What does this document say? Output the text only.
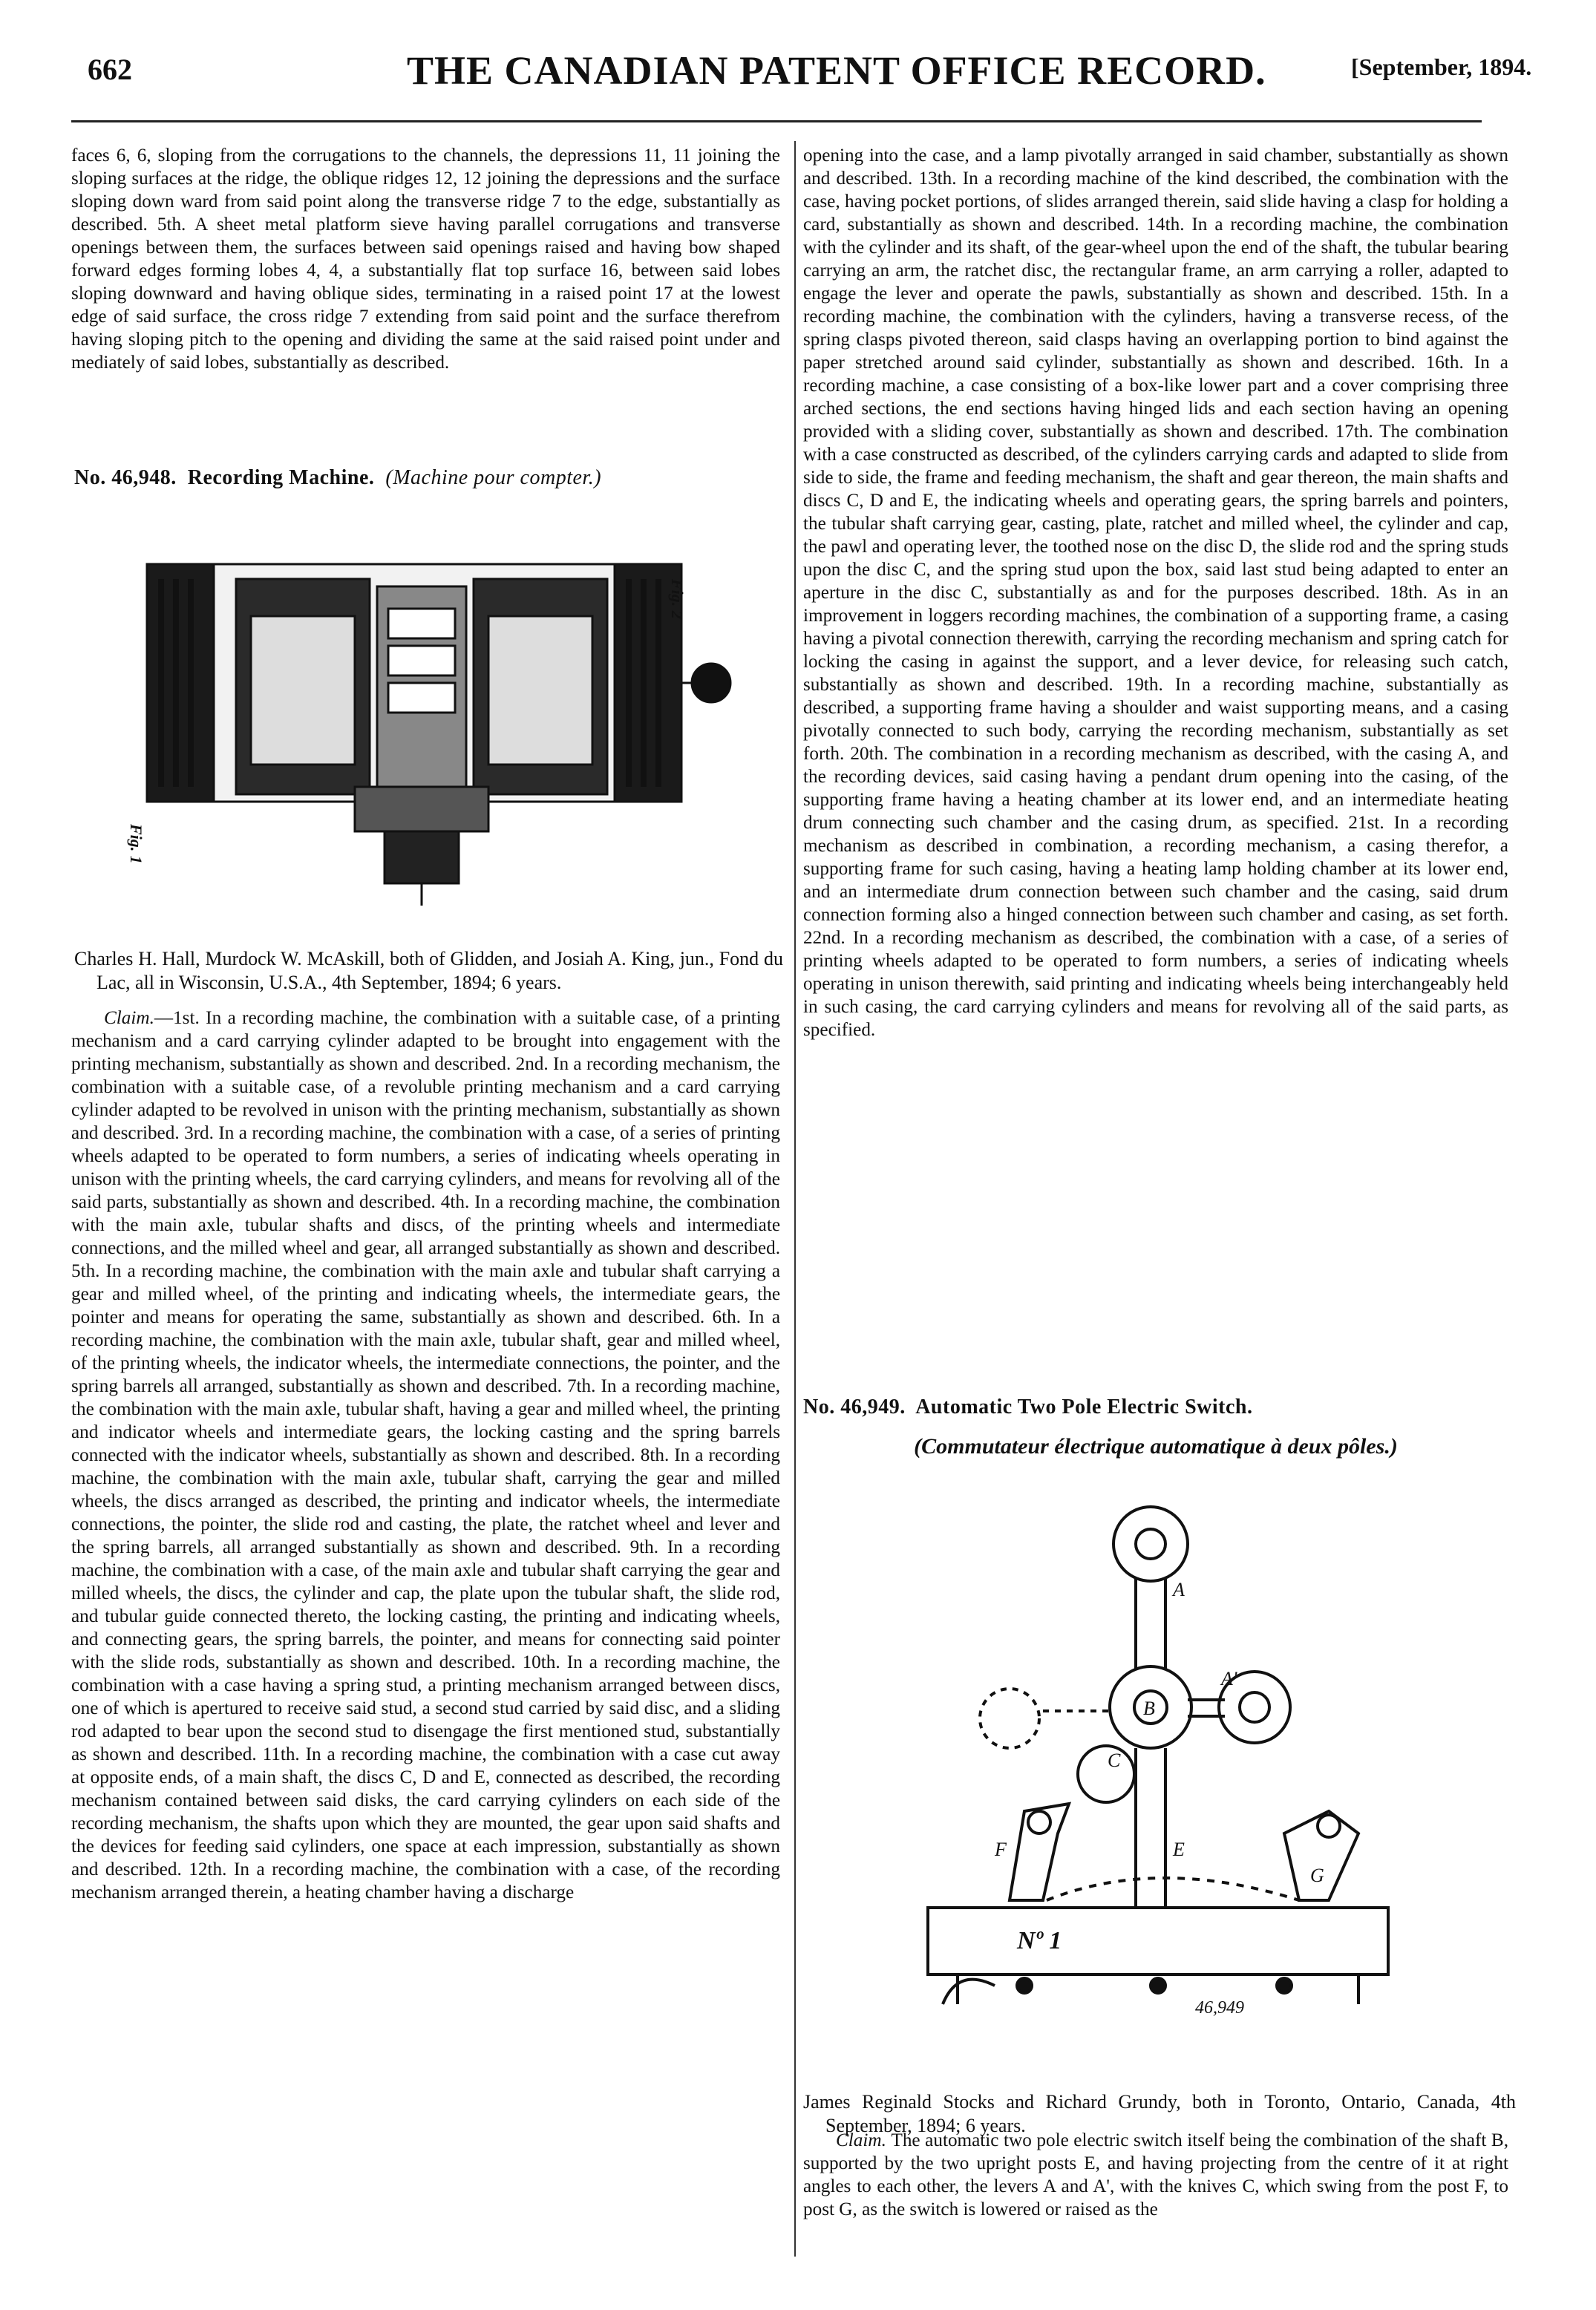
662	THE CANADIAN PATENT OFFICE RECORD.	[September, 1894.

faces 6, 6, sloping from the corrugations to the channels, the depressions 11, 11 joining the sloping surfaces at the ridge, the oblique ridges 12, 12 joining the depressions and the surface sloping down ward from said point along the transverse ridge 7 to the edge, substantially as described. 5th. A sheet metal platform sieve having parallel corrugations and transverse openings between them, the surfaces between said openings raised and having bow shaped forward edges forming lobes 4, 4, a substantially flat top surface 16, between said lobes sloping downward and having oblique sides, terminating in a raised point 17 at the lowest edge of said surface, the cross ridge 7 extending from said point and the surface therefrom having sloping pitch to the opening and dividing the same at the said raised point under and mediately of said lobes, substantially as described.

No. 46,948. Recording Machine. (Machine pour compter.)
Fig. 1
Fig. 2

Charles H. Hall, Murdock W. McAskill, both of Glidden, and Josiah A. King, jun., Fond du Lac, all in Wisconsin, U.S.A., 4th September, 1894; 6 years.

Claim.—1st. In a recording machine, the combination with a suitable case, of a printing mechanism and a card carrying cylinder adapted to be brought into engagement with the printing mechanism, substantially as shown and described. 2nd. In a recording mechanism, the combination with a suitable case, of a revoluble printing mechanism and a card carrying cylinder adapted to be revolved in unison with the printing mechanism, substantially as shown and described. 3rd. In a recording machine, the combination with a case, of a series of printing wheels adapted to be operated to form numbers, a series of indicating wheels operating in unison with the printing wheels, the card carrying cylinders, and means for revolving all of the said parts, substantially as shown and described. 4th. In a recording machine, the combination with the main axle, tubular shafts and discs, of the printing wheels and intermediate connections, and the milled wheel and gear, all arranged substantially as shown and described. 5th. In a recording machine, the combination with the main axle and tubular shaft carrying a gear and milled wheel, of the printing and indicating wheels, the intermediate gears, the pointer and means for operating the same, substantially as shown and described. 6th. In a recording machine, the combination with the main axle, tubular shaft, gear and milled wheel, of the printing wheels, the indicator wheels, the intermediate connections, the pointer, and the spring barrels all arranged, substantially as shown and described. 7th. In a recording machine, the combination with the main axle, tubular shaft, having a gear and milled wheel, the printing and indicator wheels and intermediate gears, the locking casting and the spring barrels connected with the indicator wheels, substantially as shown and described. 8th. In a recording machine, the combination with the main axle, tubular shaft, carrying the gear and milled wheels, the discs arranged as described, the printing and indicator wheels, the intermediate connections, the pointer, the slide rod and casting, the plate, the ratchet wheel and lever and the spring barrels, all arranged substantially as shown and described. 9th. In a recording machine, the combination with a case, of the main axle and tubular shaft carrying the gear and milled wheels, the discs, the cylinder and cap, the plate upon the tubular shaft, the slide rod, and tubular guide connected thereto, the locking casting, the printing and indicating wheels, and connecting gears, the spring barrels, the pointer, and means for connecting said pointer with the slide rods, substantially as shown and described. 10th. In a recording machine, the combination with a case having a spring stud, a printing mechanism arranged between discs, one of which is apertured to receive said stud, a second stud carried by said disc, and a sliding rod adapted to bear upon the second stud to disengage the first mentioned stud, substantially as shown and described. 11th. In a recording machine, the combination with a case cut away at opposite ends, of a main shaft, the discs C, D and E, connected as described, the recording mechanism contained between said disks, the card carrying cylinders on each side of the recording mechanism, the shafts upon which they are mounted, the gear upon said shafts and the devices for feeding said cylinders, one space at each impression, substantially as shown and described. 12th. In a recording machine, the combination with a case, of the recording mechanism arranged therein, a heating chamber having a discharge

opening into the case, and a lamp pivotally arranged in said chamber, substantially as shown and described. 13th. In a recording machine of the kind described, the combination with the case, having pocket portions, of slides arranged therein, said slide having a clasp for holding a card, substantially as shown and described. 14th. In a recording machine, the combination with the cylinder and its shaft, of the gear-wheel upon the end of the shaft, the tubular bearing carrying an arm, the ratchet disc, the rectangular frame, an arm carrying a roller, adapted to engage the lever and operate the pawls, substantially as shown and described. 15th. In a recording machine, the combination with the cylinders, having a transverse recess, of the spring clasps pivoted thereon, said clasps having an overlapping portion to bind against the paper stretched around said cylinder, substantially as shown and described. 16th. In a recording machine, a case consisting of a box-like lower part and a cover comprising three arched sections, the end sections having hinged lids and each section having an opening provided with a sliding cover, substantially as shown and described. 17th. The combination with a case constructed as described, of the cylinders carrying cards and adapted to slide from side to side, the frame and feeding mechanism, the shaft and gear thereon, the main shafts and discs C, D and E, the indicating wheels and operating gears, the spring barrels and pointers, the tubular shaft carrying gear, casting, plate, ratchet and milled wheel, the cylinder and cap, the pawl and operating lever, the toothed nose on the disc D, the slide rod and the spring studs upon the disc C, and the spring stud upon the box, said last stud being adapted to enter an aperture in the disc C, substantially as and for the purposes described. 18th. As in an improvement in loggers recording machines, the combination of a supporting frame, a casing having a pivotal connection therewith, carrying the recording mechanism and spring catch for locking the casing in against the support, and a lever device, for releasing such catch, substantially as shown and described. 19th. In a recording machine, substantially as described, a supporting frame having a shoulder and waist supporting means, and a casing pivotally connected to such body, carrying the recording mechanism, substantially as set forth. 20th. The combination in a recording mechanism as described, with the casing A, and the recording devices, said casing having a pendant drum opening into the casing, of the supporting frame having a heating chamber at its lower end, and an intermediate heating drum connecting such chamber and the casing drum, as specified. 21st. In a recording mechanism as described in combination, a recording mechanism, a casing therefor, a supporting frame for such casing, having a heating lamp holding chamber at its lower end, and an intermediate drum connection between such chamber and the casing, said drum connection forming also a hinged connection between such chamber and casing, as set forth. 22nd. In a recording mechanism as described, the combination with a case, of a series of printing wheels adapted to be operated to form numbers, a series of indicating wheels operating in unison therewith, said printing and indicating wheels being interchangeably held in such casing, the card carrying cylinders and means for revolving all of the said parts, as specified.

No. 46,949. Automatic Two Pole Electric Switch.
(Commutateur électrique automatique à deux pôles.)
A
A'
B
C
E
F
G
Nº 1
46,949

James Reginald Stocks and Richard Grundy, both in Toronto, Ontario, Canada, 4th September, 1894; 6 years.

Claim. The automatic two pole electric switch itself being the combination of the shaft B, supported by the two upright posts E, and having projecting from the centre of it at right angles to each other, the levers A and A', with the knives C, which swing from the post F, to post G, as the switch is lowered or raised as the
